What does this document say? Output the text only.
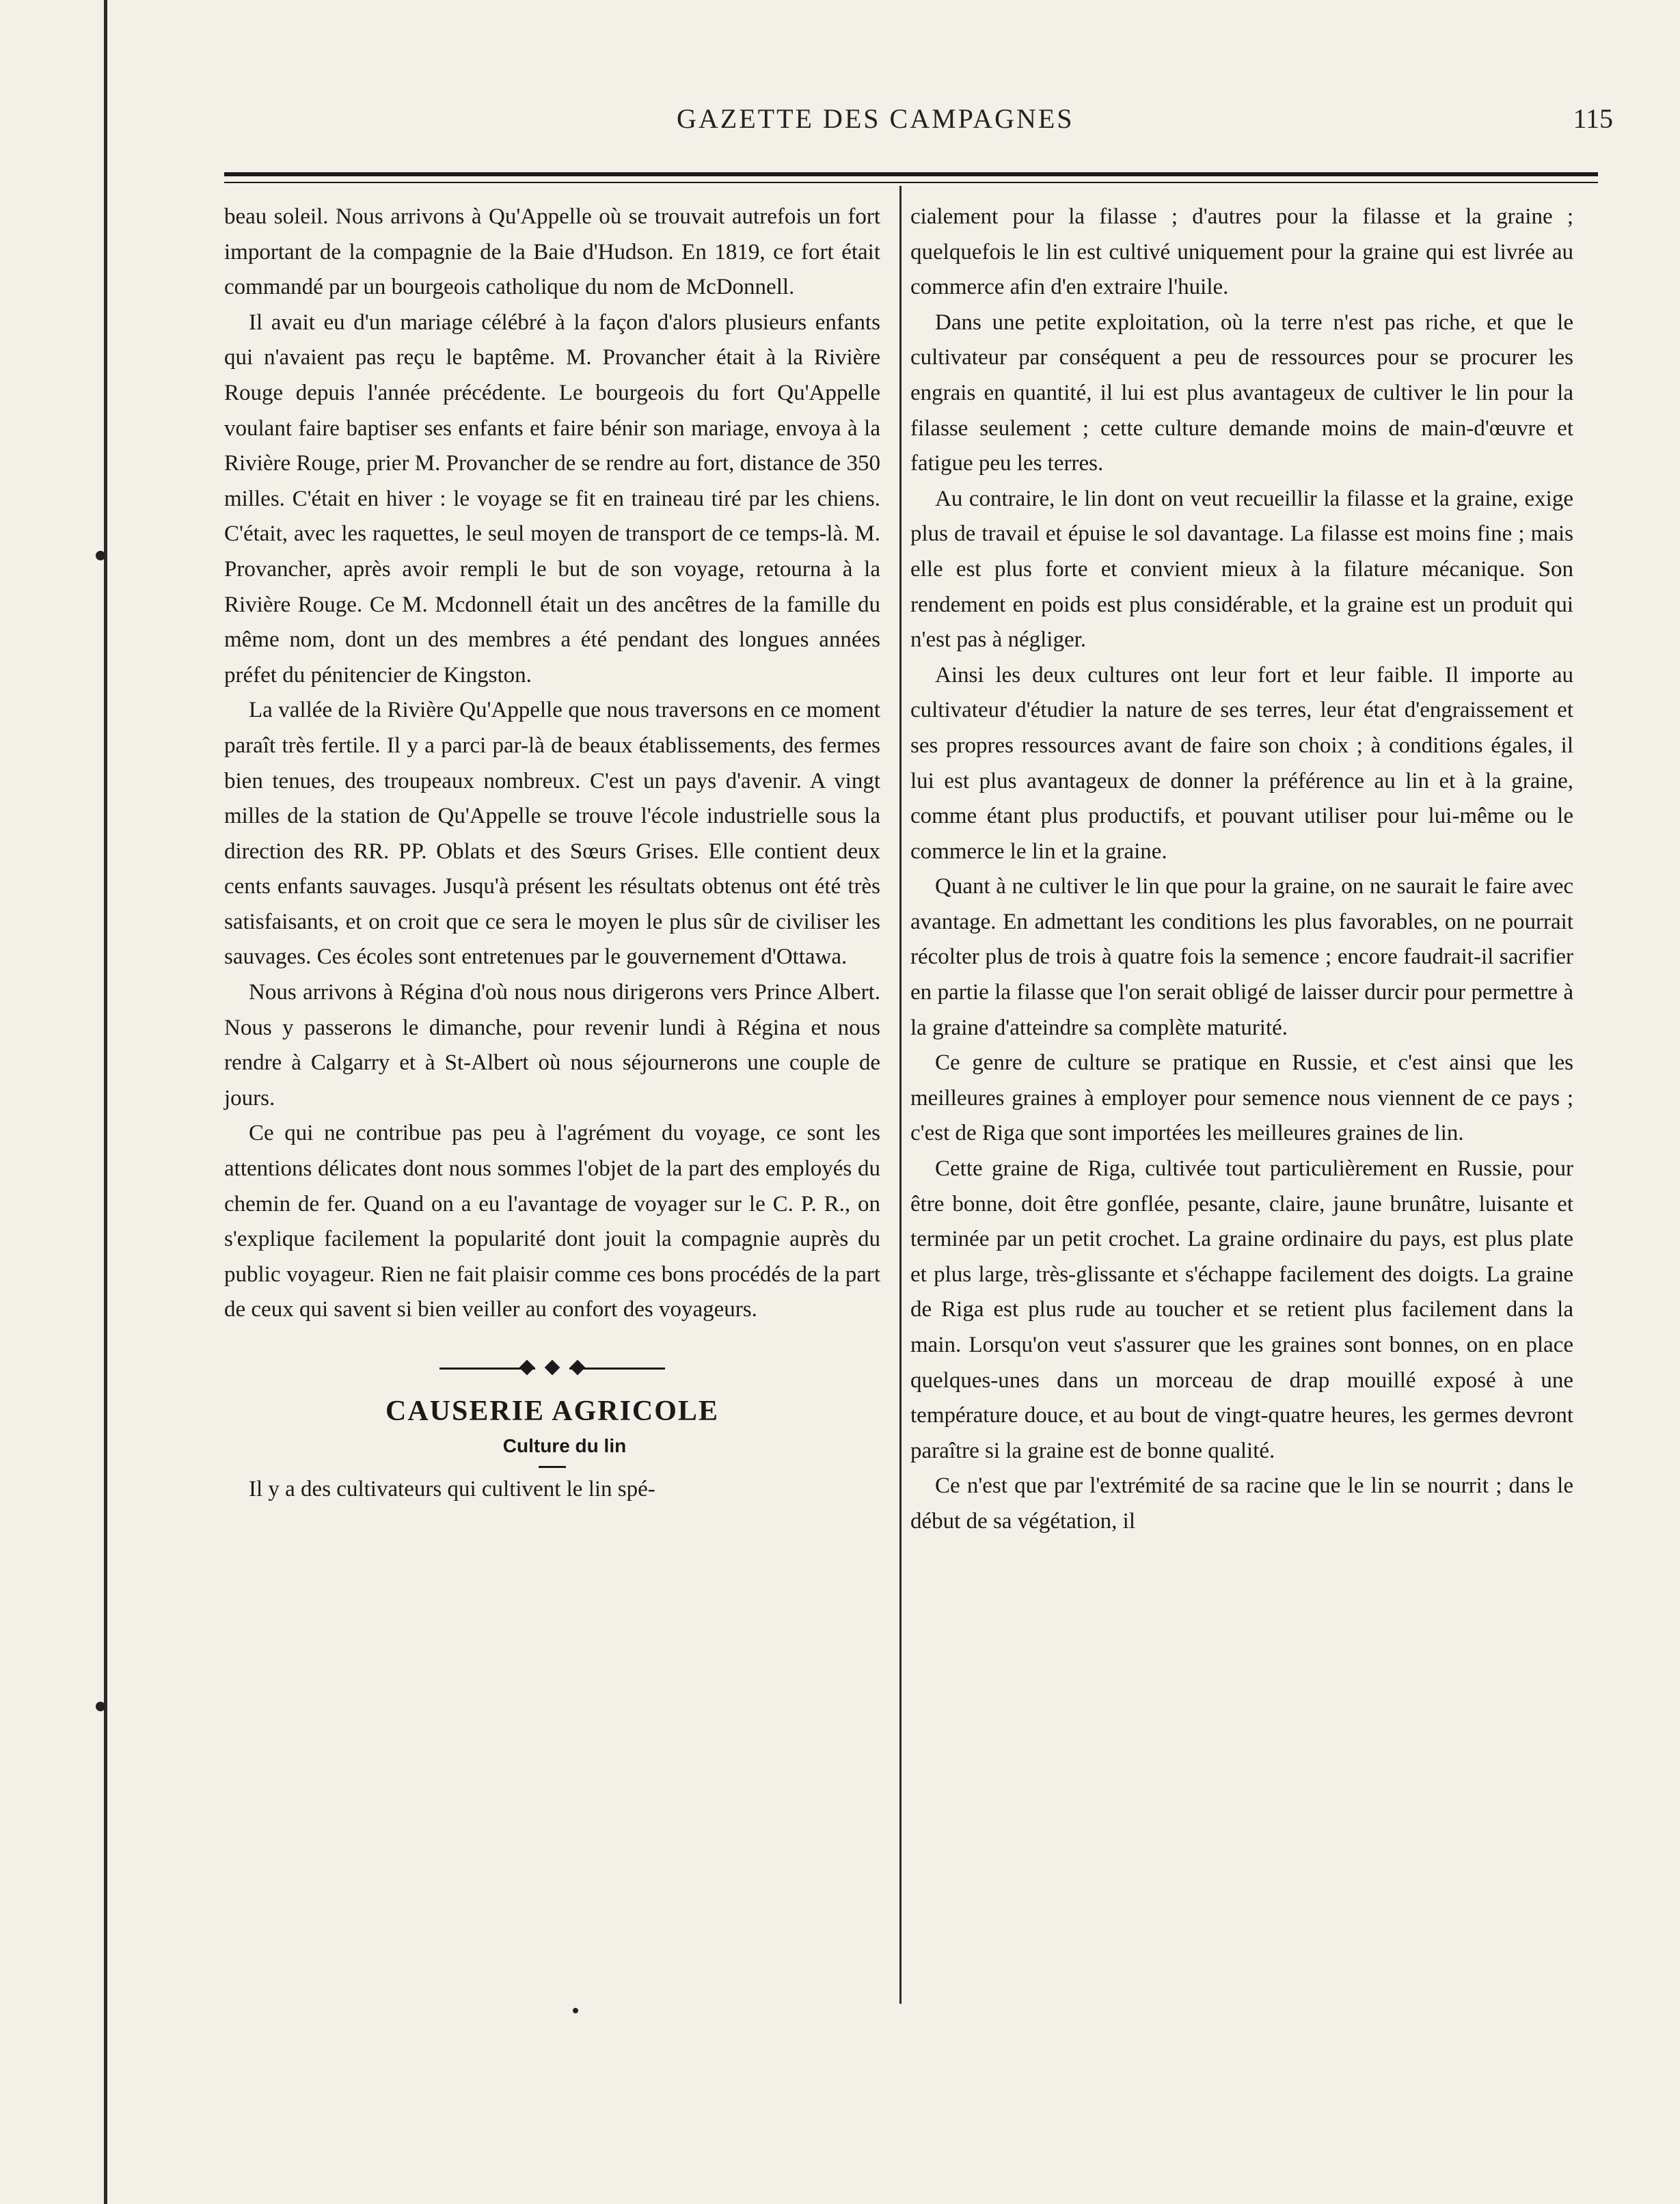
GAZETTE DES CAMPAGNES	115

beau soleil. Nous arrivons à Qu'Appelle où se trouvait autrefois un fort important de la compagnie de la Baie d'Hudson. En 1819, ce fort était commandé par un bourgeois catholique du nom de McDonnell.

Il avait eu d'un mariage célébré à la façon d'alors plusieurs enfants qui n'avaient pas reçu le baptême. M. Provancher était à la Rivière Rouge depuis l'année précédente. Le bourgeois du fort Qu'Appelle voulant faire baptiser ses enfants et faire bénir son mariage, envoya à la Rivière Rouge, prier M. Provancher de se rendre au fort, distance de 350 milles. C'était en hiver : le voyage se fit en traineau tiré par les chiens. C'était, avec les raquettes, le seul moyen de transport de ce temps-là. M. Provancher, après avoir rempli le but de son voyage, retourna à la Rivière Rouge. Ce M. Mcdonnell était un des ancêtres de la famille du même nom, dont un des membres a été pendant des longues années préfet du pénitencier de Kingston.

La vallée de la Rivière Qu'Appelle que nous traversons en ce moment paraît très fertile. Il y a parci par-là de beaux établissements, des fermes bien tenues, des troupeaux nombreux. C'est un pays d'avenir. A vingt milles de la station de Qu'Appelle se trouve l'école industrielle sous la direction des RR. PP. Oblats et des Sœurs Grises. Elle contient deux cents enfants sauvages. Jusqu'à présent les résultats obtenus ont été très satisfaisants, et on croit que ce sera le moyen le plus sûr de civiliser les sauvages. Ces écoles sont entretenues par le gouvernement d'Ottawa.

Nous arrivons à Régina d'où nous nous dirigerons vers Prince Albert. Nous y passerons le dimanche, pour revenir lundi à Régina et nous rendre à Calgarry et à St-Albert où nous séjournerons une couple de jours.

Ce qui ne contribue pas peu à l'agrément du voyage, ce sont les attentions délicates dont nous sommes l'objet de la part des employés du chemin de fer. Quand on a eu l'avantage de voyager sur le C. P. R., on s'explique facilement la popularité dont jouit la compagnie auprès du public voyageur. Rien ne fait plaisir comme ces bons procédés de la part de ceux qui savent si bien veiller au confort des voyageurs.

CAUSERIE AGRICOLE

Culture du lin

Il y a des cultivateurs qui cultivent le lin spé-

cialement pour la filasse ; d'autres pour la filasse et la graine ; quelquefois le lin est cultivé uniquement pour la graine qui est livrée au commerce afin d'en extraire l'huile.

Dans une petite exploitation, où la terre n'est pas riche, et que le cultivateur par conséquent a peu de ressources pour se procurer les engrais en quantité, il lui est plus avantageux de cultiver le lin pour la filasse seulement ; cette culture demande moins de main-d'œuvre et fatigue peu les terres.

Au contraire, le lin dont on veut recueillir la filasse et la graine, exige plus de travail et épuise le sol davantage. La filasse est moins fine ; mais elle est plus forte et convient mieux à la filature mécanique. Son rendement en poids est plus considérable, et la graine est un produit qui n'est pas à négliger.

Ainsi les deux cultures ont leur fort et leur faible. Il importe au cultivateur d'étudier la nature de ses terres, leur état d'engraissement et ses propres ressources avant de faire son choix ; à conditions égales, il lui est plus avantageux de donner la préférence au lin et à la graine, comme étant plus productifs, et pouvant utiliser pour lui-même ou le commerce le lin et la graine.

Quant à ne cultiver le lin que pour la graine, on ne saurait le faire avec avantage. En admettant les conditions les plus favorables, on ne pourrait récolter plus de trois à quatre fois la semence ; encore faudrait-il sacrifier en partie la filasse que l'on serait obligé de laisser durcir pour permettre à la graine d'atteindre sa complète maturité.

Ce genre de culture se pratique en Russie, et c'est ainsi que les meilleures graines à employer pour semence nous viennent de ce pays ; c'est de Riga que sont importées les meilleures graines de lin.

Cette graine de Riga, cultivée tout particulièrement en Russie, pour être bonne, doit être gonflée, pesante, claire, jaune brunâtre, luisante et terminée par un petit crochet. La graine ordinaire du pays, est plus plate et plus large, très-glissante et s'échappe facilement des doigts. La graine de Riga est plus rude au toucher et se retient plus facilement dans la main. Lorsqu'on veut s'assurer que les graines sont bonnes, on en place quelques-unes dans un morceau de drap mouillé exposé à une température douce, et au bout de vingt-quatre heures, les germes devront paraître si la graine est de bonne qualité.

Ce n'est que par l'extrémité de sa racine que le lin se nourrit ; dans le début de sa végétation, il
